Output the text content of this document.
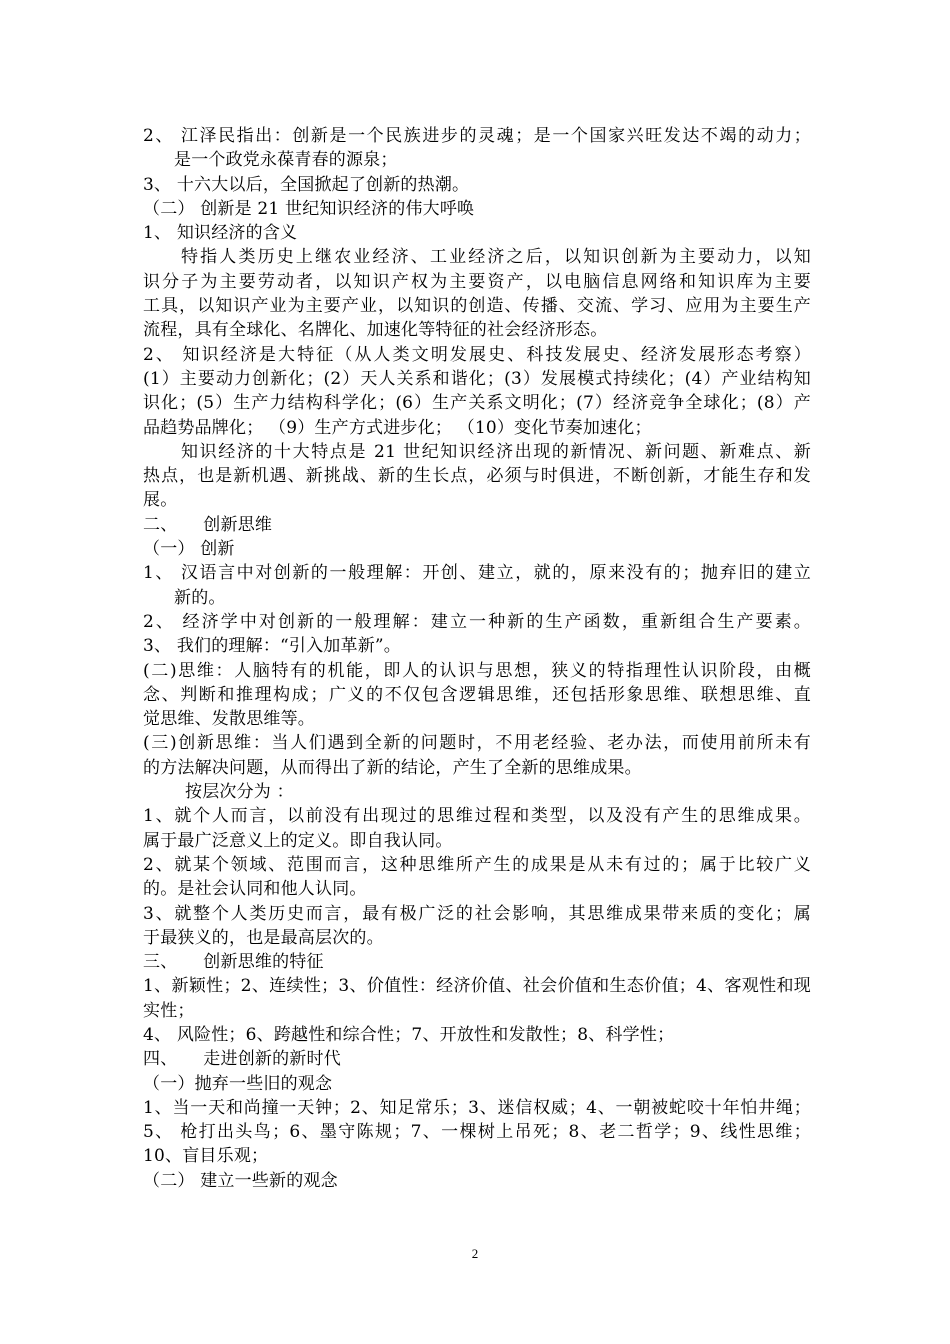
2、 江泽民指出：创新是一个民族进步的灵魂；是一个国家兴旺发达不竭的动力；
是一个政党永葆青春的源泉；
3、 十六大以后，全国掀起了创新的热潮。
（二） 创新是 21 世纪知识经济的伟大呼唤
1、 知识经济的含义
特指人类历史上继农业经济、工业经济之后，以知识创新为主要动力，以知
识分子为主要劳动者，以知识产权为主要资产，以电脑信息网络和知识库为主要
工具，以知识产业为主要产业，以知识的创造、传播、交流、学习、应用为主要生产
流程，具有全球化、名牌化、加速化等特征的社会经济形态。
2、 知识经济是大特征（从人类文明发展史、科技发展史、经济发展形态考察）
(1）主要动力创新化；(2）天人关系和谐化；(3）发展模式持续化；(4）产业结构知
识化；(5）生产力结构科学化；(6）生产关系文明化；(7）经济竞争全球化；(8）产
品趋势品牌化； （9）生产方式进步化； （10）变化节奏加速化；
知识经济的十大特点是 21 世纪知识经济出现的新情况、新问题、新难点、新
热点，也是新机遇、新挑战、新的生长点，必须与时俱进，不断创新，才能生存和发
展。
二、　　创新思维
（一） 创新
1、 汉语言中对创新的一般理解：开创、建立，就的，原来没有的；抛弃旧的建立
新的。
2、 经济学中对创新的一般理解：建立一种新的生产函数，重新组合生产要素。
3、 我们的理解：“引入加革新”。
(二)思维：人脑特有的机能，即人的认识与思想，狭义的特指理性认识阶段，由概
念、判断和推理构成；广义的不仅包含逻辑思维，还包括形象思维、联想思维、直
觉思维、发散思维等。
(三)创新思维：当人们遇到全新的问题时，不用老经验、老办法，而使用前所未有
的方法解决问题，从而得出了新的结论，产生了全新的思维成果。
按层次分为 ：
1、就个人而言，以前没有出现过的思维过程和类型，以及没有产生的思维成果。
属于最广泛意义上的定义。即自我认同。
2、就某个领域、范围而言，这种思维所产生的成果是从未有过的；属于比较广义
的。是社会认同和他人认同。
3、就整个人类历史而言，最有极广泛的社会影响，其思维成果带来质的变化；属
于最狭义的，也是最高层次的。
三、　　创新思维的特征
1、新颖性；2、连续性；3、价值性：经济价值、社会价值和生态价值；4、客观性和现
实性；
4、 风险性；6、跨越性和综合性；7、开放性和发散性；8、科学性；
四、　　走进创新的新时代
（一）抛弃一些旧的观念
1、当一天和尚撞一天钟；2、知足常乐；3、迷信权威；4、一朝被蛇咬十年怕井绳；
5、 枪打出头鸟；6、墨守陈规；7、一棵树上吊死；8、老二哲学；9、线性思维；
10、盲目乐观；
（二） 建立一些新的观念
2
